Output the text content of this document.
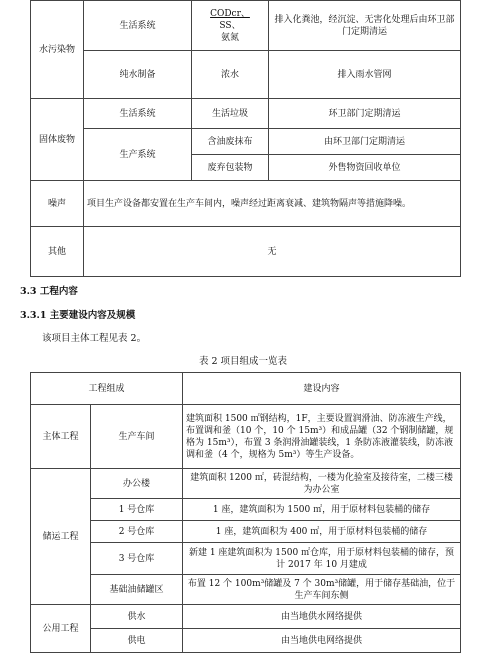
水污染物	生活系统	CODcr、
SS、
氨氮	排入化粪池，经沉淀、无害化处理后由环卫部门定期清运
	纯水制备	浓水	排入雨水管网
固体废物	生活系统	生活垃圾	环卫部门定期清运
	生产系统	含油废抹布	由环卫部门定期清运
		废弃包装物	外售物资回收单位
噪声	项目生产设备都安置在生产车间内，噪声经过距离衰减、建筑物隔声等措施降噪。		
其他	无		
3.3 工程内容
3.3.1 主要建设内容及规模
该项目主体工程见表 2。
表 2 项目组成一览表
工程组成		建设内容
主体工程	生产车间	建筑面积 1500 ㎡钢结构，1F，主要设置润滑油、防冻液生产线，布置调和釜（10 个，10 个 15m³）和成品罐（32 个钢制储罐，规格为 15m³），布置 3 条润滑油罐装线，1 条防冻液灌装线，防冻液调和釜（4 个，规格为 5m³）等生产设备。
储运工程	办公楼	建筑面积 1200 ㎡，砖混结构，一楼为化验室及接待室，二楼三楼为办公室
	1 号仓库	1 座，建筑面积为 1500 ㎡，用于原材料包装桶的储存
	2 号仓库	1 座，建筑面积为 400 ㎡，用于原材料包装桶的储存
	3 号仓库	新建 1 座建筑面积为 1500 ㎡仓库，用于原材料包装桶的储存，预计 2017 年 10 月建成
	基础油储罐区	布置 12 个 100m³储罐及 7 个 30m³储罐，用于储存基础油，位于生产车间东侧
公用工程	供水	由当地供水网络提供
	供电	由当地供电网络提供
